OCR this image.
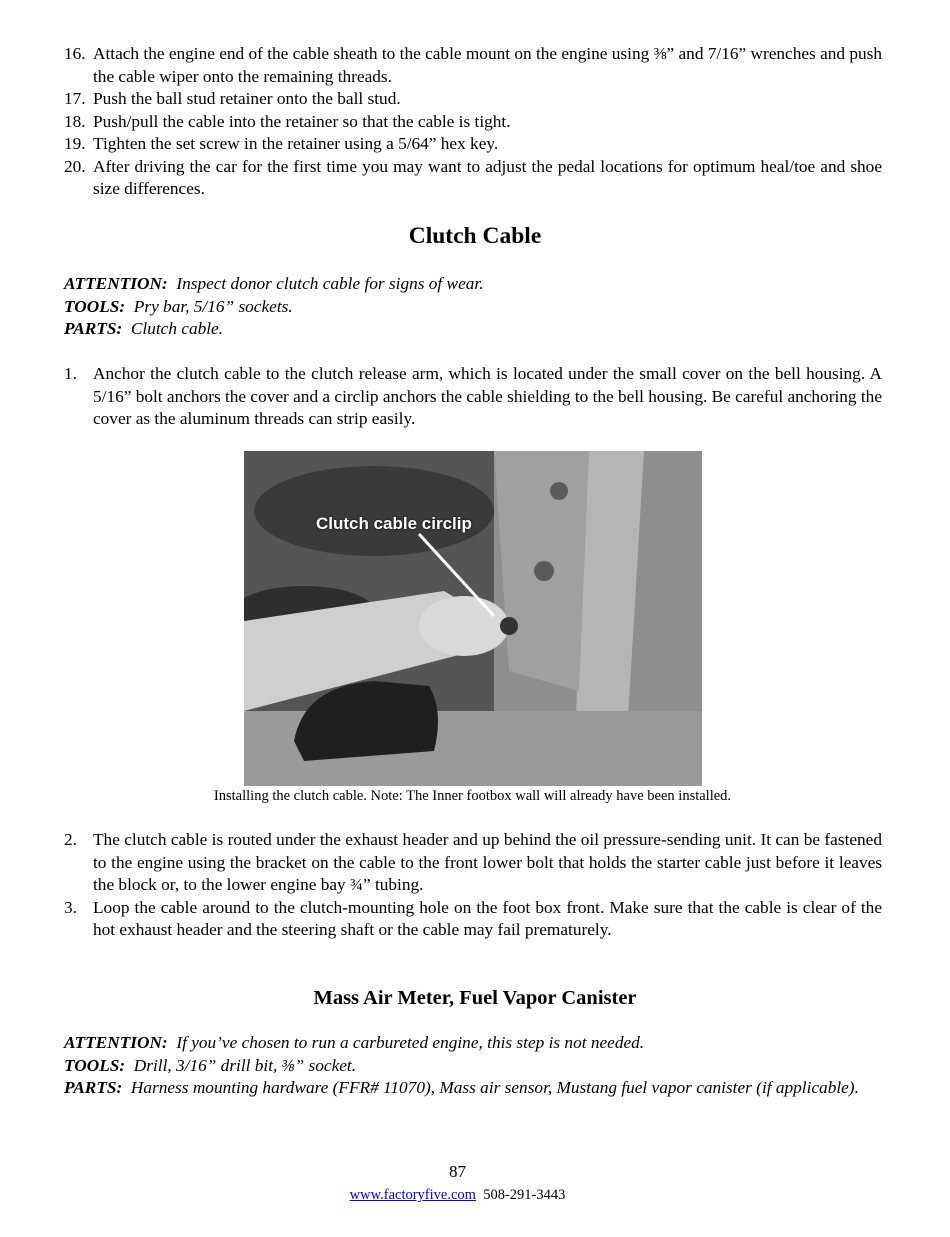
16. Attach the engine end of the cable sheath to the cable mount on the engine using ⅜” and 7/16” wrenches and push the cable wiper onto the remaining threads.
17. Push the ball stud retainer onto the ball stud.
18. Push/pull the cable into the retainer so that the cable is tight.
19. Tighten the set screw in the retainer using a 5/64” hex key.
20. After driving the car for the first time you may want to adjust the pedal locations for optimum heal/toe and shoe size differences.
Clutch Cable

ATTENTION: Inspect donor clutch cable for signs of wear.

TOOLS: Pry bar, 5/16” sockets.

PARTS: Clutch cable.

1. Anchor the clutch cable to the clutch release arm, which is located under the small cover on the bell housing. A 5/16” bolt anchors the cover and a circlip anchors the cable shielding to the bell housing. Be careful anchoring the cover as the aluminum threads can strip easily.
Clutch cable circlip
Installing the clutch cable. Note: The Inner footbox wall will already have been installed.
2. The clutch cable is routed under the exhaust header and up behind the oil pressure-sending unit. It can be fastened to the engine using the bracket on the cable to the front lower bolt that holds the starter cable just before it leaves the block or, to the lower engine bay ¾” tubing.
3. Loop the cable around to the clutch-mounting hole on the foot box front. Make sure that the cable is clear of the hot exhaust header and the steering shaft or the cable may fail prematurely.
Mass Air Meter, Fuel Vapor Canister

ATTENTION: If you’ve chosen to run a carbureted engine, this step is not needed.

TOOLS: Drill, 3/16” drill bit, ⅜” socket.

PARTS: Harness mounting hardware (FFR# 11070), Mass air sensor, Mustang fuel vapor canister (if applicable).

87
www.factoryfive.com 508-291-3443
